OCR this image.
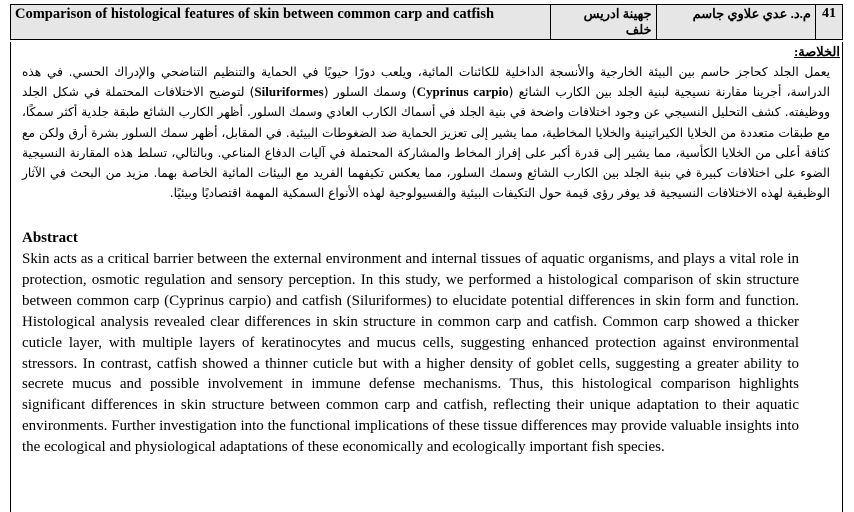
Comparison of histological features of skin between common carp and catfish	جهينة ادريس خلف	م.د. عدي علاوي جاسم	41
الخلاصة:
يعمل الجلد كحاجز حاسم بين البيئة الخارجية والأنسجة الداخلية للكائنات المائية، ويلعب دورًا حيويًا في الحماية والتنظيم التناضحي والإدراك الحسي. في هذه الدراسة، أجرينا مقارنة نسيجية لبنية الجلد بين الكارب الشائع (Cyprinus carpio) وسمك السلور (Siluriformes) لتوضيح الاختلافات المحتملة في شكل الجلد ووظيفته. كشف التحليل النسيجي عن وجود اختلافات واضحة في بنية الجلد في أسماك الكارب العادي وسمك السلور. أظهر الكارب الشائع طبقة جلدية أكثر سمكًا، مع طبقات متعددة من الخلايا الكيراتينية والخلايا المخاطية، مما يشير إلى تعزيز الحماية ضد الضغوطات البيئية. في المقابل، أظهر سمك السلور بشرة أرق ولكن مع كثافة أعلى من الخلايا الكأسية، مما يشير إلى قدرة أكبر على إفراز المخاط والمشاركة المحتملة في آليات الدفاع المناعي. وبالتالي، تسلط هذه المقارنة النسيجية الضوء على اختلافات كبيرة في بنية الجلد بين الكارب الشائع وسمك السلور، مما يعكس تكيفهما الفريد مع البيئات المائية الخاصة بهما. مزيد من البحث في الآثار الوظيفية لهذه الاختلافات النسيجية قد يوفر رؤى قيمة حول التكيفات البيئية والفسيولوجية لهذه الأنواع السمكية المهمة اقتصاديًا وبيئيًا.
Abstract
Skin acts as a critical barrier between the external environment and internal tissues of aquatic organisms, and plays a vital role in protection, osmotic regulation and sensory perception. In this study, we performed a histological comparison of skin structure between common carp (Cyprinus carpio) and catfish (Siluriformes) to elucidate potential differences in skin form and function. Histological analysis revealed clear differences in skin structure in common carp and catfish. Common carp showed a thicker cuticle layer, with multiple layers of keratinocytes and mucus cells, suggesting enhanced protection against environmental stressors. In contrast, catfish showed a thinner cuticle but with a higher density of goblet cells, suggesting a greater ability to secrete mucus and possible involvement in immune defense mechanisms. Thus, this histological comparison highlights significant differences in skin structure between common carp and catfish, reflecting their unique adaptation to their aquatic environments. Further investigation into the functional implications of these tissue differences may provide valuable insights into the ecological and physiological adaptations of these economically and ecologically important fish species.
